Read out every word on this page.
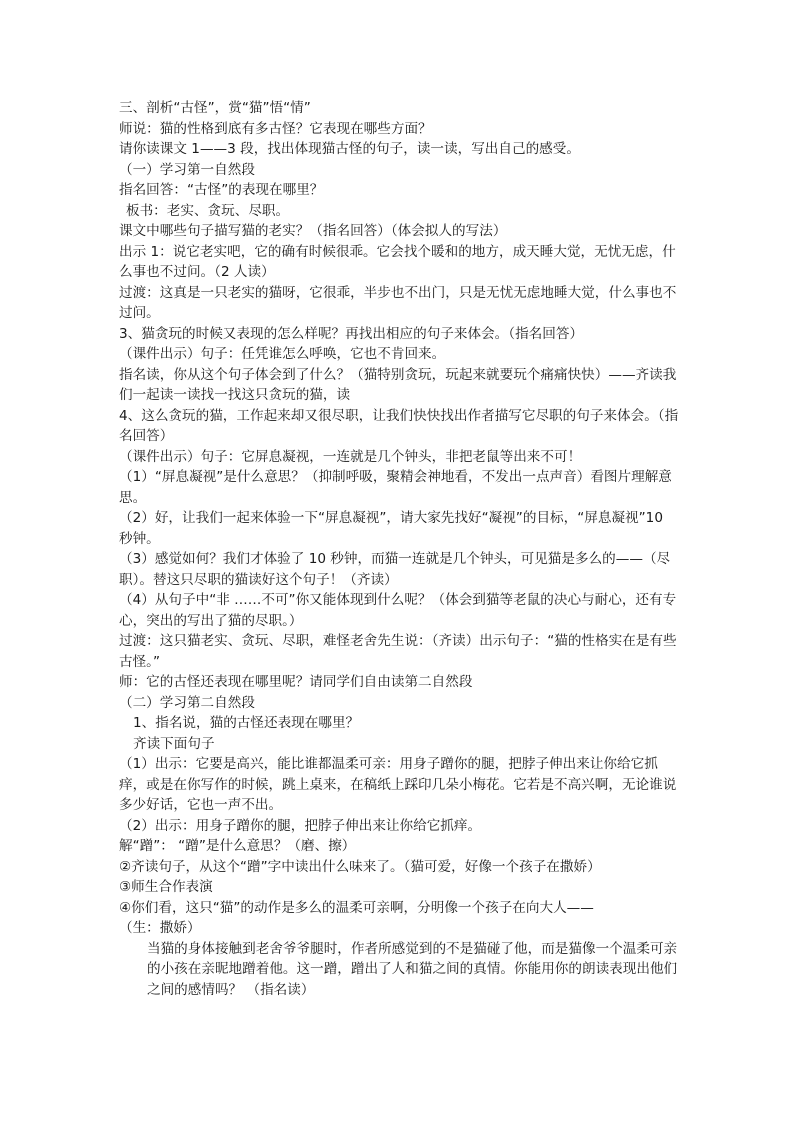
三、剖析“古怪”，赏“猫”悟“情”

师说：猫的性格到底有多古怪？它表现在哪些方面？

请你读课文 1——3 段，找出体现猫古怪的句子，读一读，写出自己的感受。

（一）学习第一自然段

指名回答：“古怪”的表现在哪里？

板书：老实、贪玩、尽职。

课文中哪些句子描写猫的老实？（指名回答）（体会拟人的写法）

出示 1：说它老实吧，它的确有时候很乖。它会找个暖和的地方，成天睡大觉，无忧无虑，什么事也不过问。（2 人读）

过渡：这真是一只老实的猫呀，它很乖，半步也不出门，只是无忧无虑地睡大觉，什么事也不过问。

3、猫贪玩的时候又表现的怎么样呢？再找出相应的句子来体会。（指名回答）

（课件出示）句子：任凭谁怎么呼唤，它也不肯回来。

指名读，你从这个句子体会到了什么？（猫特别贪玩，玩起来就要玩个痛痛快快）——齐读我们一起读一读找一找这只贪玩的猫，读

4、这么贪玩的猫，工作起来却又很尽职，让我们快快找出作者描写它尽职的句子来体会。（指名回答）

（课件出示）句子：它屏息凝视，一连就是几个钟头，非把老鼠等出来不可！

（1）“屏息凝视”是什么意思？（抑制呼吸，聚精会神地看，不发出一点声音）看图片理解意思。

（2）好，让我们一起来体验一下“屏息凝视”，请大家先找好“凝视”的目标，“屏息凝视”10 秒钟。

（3）感觉如何？我们才体验了 10 秒钟，而猫一连就是几个钟头，可见猫是多么的——（尽职）。替这只尽职的猫读好这个句子！（齐读）

（4）从句子中“非 ……不可”你又能体现到什么呢？（体会到猫等老鼠的决心与耐心，还有专心，突出的写出了猫的尽职。）

过渡：这只猫老实、贪玩、尽职，难怪老舍先生说：（齐读）出示句子：“猫的性格实在是有些古怪。”

师：它的古怪还表现在哪里呢？请同学们自由读第二自然段

（二）学习第二自然段

1、指名说，猫的古怪还表现在哪里？

齐读下面句子

（1）出示：它要是高兴，能比谁都温柔可亲：用身子蹭你的腿，把脖子伸出来让你给它抓痒，或是在你写作的时候，跳上桌来，在稿纸上踩印几朵小梅花。它若是不高兴啊，无论谁说多少好话，它也一声不出。

（2）出示：用身子蹭你的腿，把脖子伸出来让你给它抓痒。

解“蹭”： “蹭”是什么意思？（磨、擦）

②齐读句子，从这个“蹭”字中读出什么味来了。（猫可爱，好像一个孩子在撒娇）

③师生合作表演

④你们看，这只“猫”的动作是多么的温柔可亲啊，分明像一个孩子在向大人——

（生：撒娇）

当猫的身体接触到老舍爷爷腿时，作者所感觉到的不是猫碰了他，而是猫像一个温柔可亲的小孩在亲昵地蹭着他。这一蹭，蹭出了人和猫之间的真情。你能用你的朗读表现出他们之间的感情吗？ （指名读）
